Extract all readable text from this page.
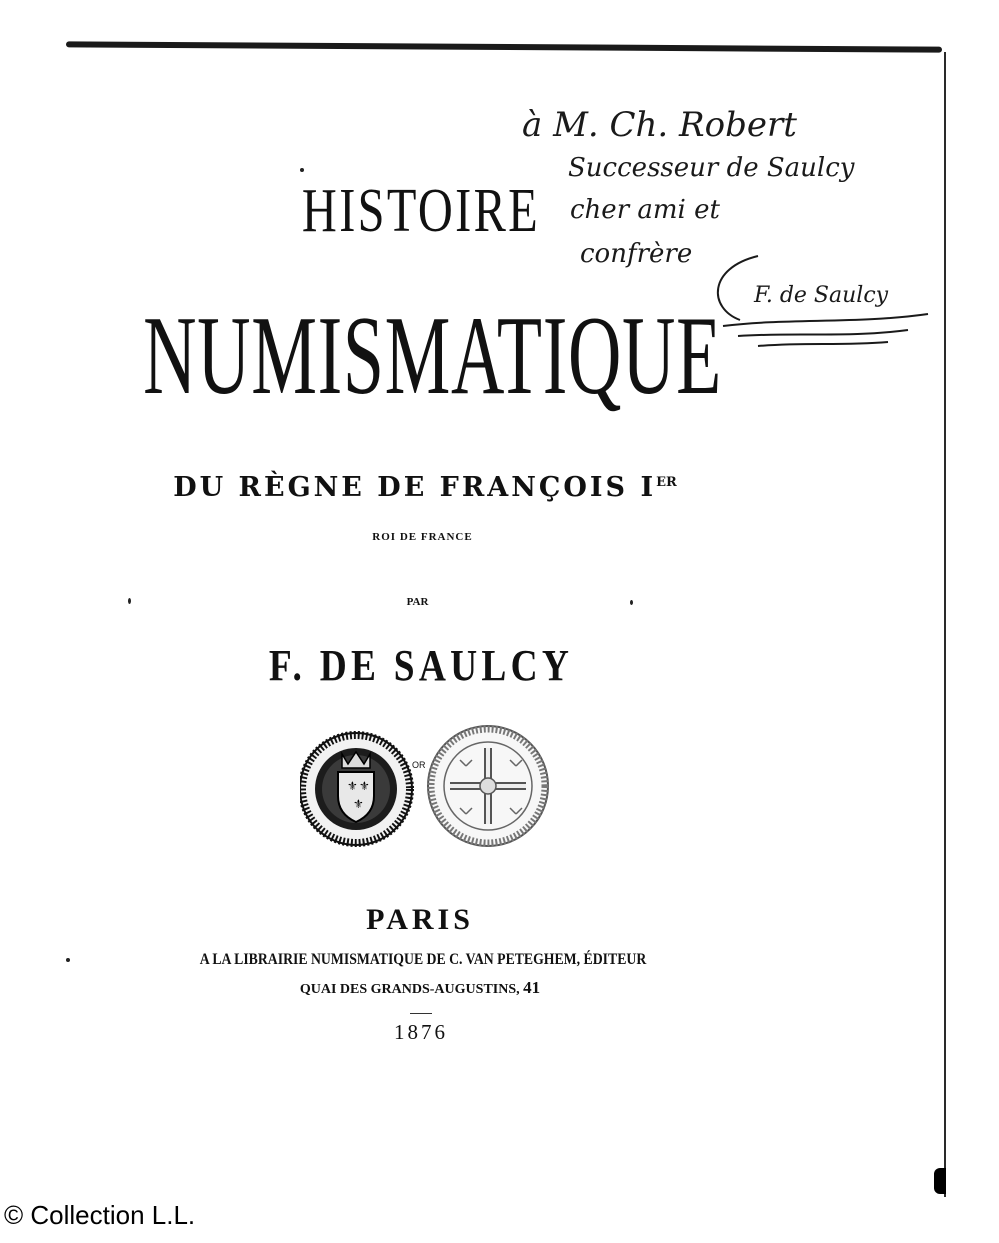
à M. Ch. Robert
Successeur de Saulcy
cher ami et
confrère
F. de Saulcy
HISTOIRE
NUMISMATIQUE
DU RÈGNE DE FRANÇOIS IER
ROI DE FRANCE
PAR
F. DE SAULCY
⚜ ⚜
⚜
OR
PARIS
A LA LIBRAIRIE NUMISMATIQUE DE C. VAN PETEGHEM, ÉDITEUR
QUAI DES GRANDS-AUGUSTINS, 41
1876
© Collection L.L.
